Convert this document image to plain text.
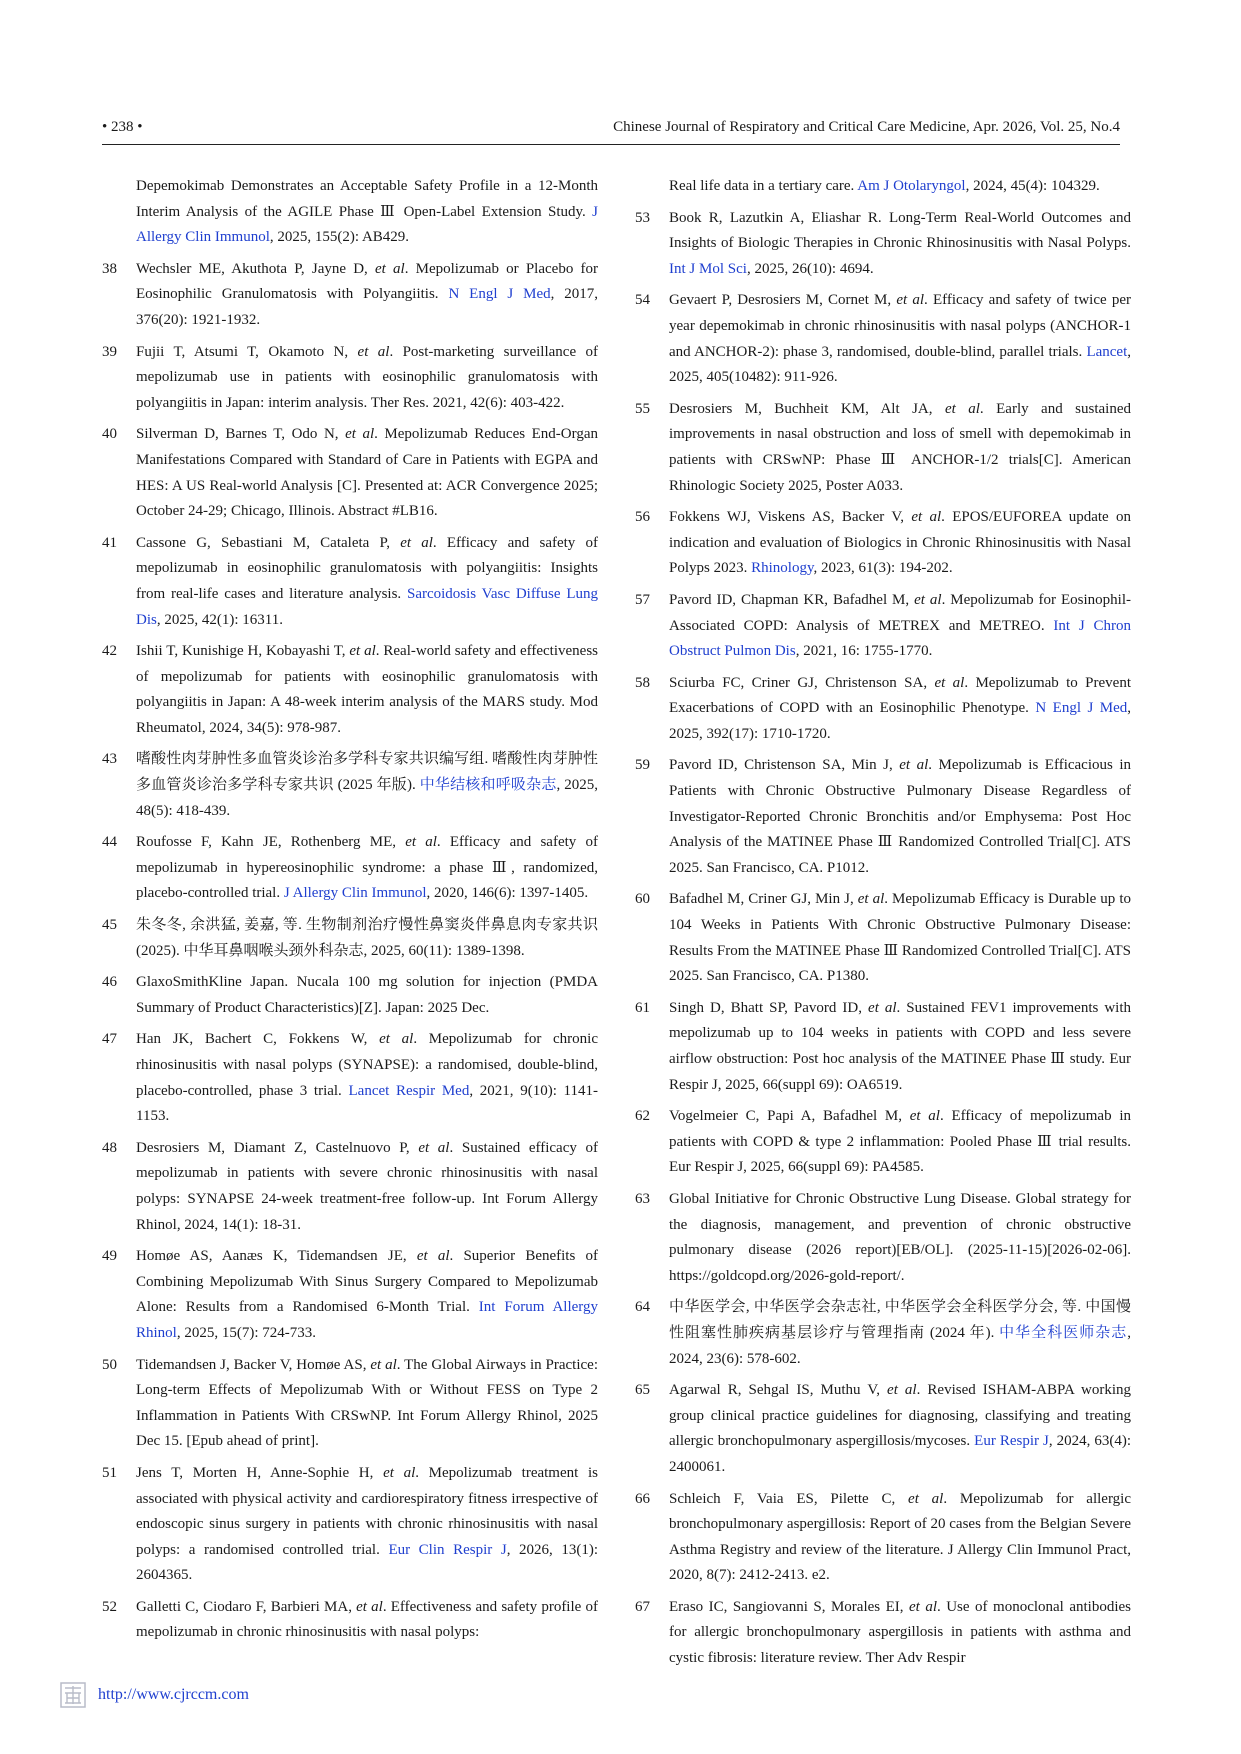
• 238 •	Chinese Journal of Respiratory and Critical Care Medicine, Apr. 2026, Vol. 25, No.4
Depemokimab Demonstrates an Acceptable Safety Profile in a 12-Month Interim Analysis of the AGILE Phase Ⅲ Open-Label Extension Study. J Allergy Clin Immunol, 2025, 155(2): AB429.
38	Wechsler ME, Akuthota P, Jayne D, et al. Mepolizumab or Placebo for Eosinophilic Granulomatosis with Polyangiitis. N Engl J Med, 2017, 376(20): 1921-1932.
39	Fujii T, Atsumi T, Okamoto N, et al. Post-marketing surveillance of mepolizumab use in patients with eosinophilic granulomatosis with polyangiitis in Japan: interim analysis. Ther Res. 2021, 42(6): 403-422.
40	Silverman D, Barnes T, Odo N, et al. Mepolizumab Reduces End-Organ Manifestations Compared with Standard of Care in Patients with EGPA and HES: A US Real-world Analysis [C]. Presented at: ACR Convergence 2025; October 24-29; Chicago, Illinois. Abstract #LB16.
41	Cassone G, Sebastiani M, Cataleta P, et al. Efficacy and safety of mepolizumab in eosinophilic granulomatosis with polyangiitis: Insights from real-life cases and literature analysis. Sarcoidosis Vasc Diffuse Lung Dis, 2025, 42(1): 16311.
42	Ishii T, Kunishige H, Kobayashi T, et al. Real-world safety and effectiveness of mepolizumab for patients with eosinophilic granulomatosis with polyangiitis in Japan: A 48-week interim analysis of the MARS study. Mod Rheumatol, 2024, 34(5): 978-987.
43	嗜酸性肉芽肿性多血管炎诊治多学科专家共识编写组. 嗜酸性肉芽肿性多血管炎诊治多学科专家共识 (2025 年版). 中华结核和呼吸杂志, 2025, 48(5): 418-439.
44	Roufosse F, Kahn JE, Rothenberg ME, et al. Efficacy and safety of mepolizumab in hypereosinophilic syndrome: a phase Ⅲ, randomized, placebo-controlled trial. J Allergy Clin Immunol, 2020, 146(6): 1397-1405.
45	朱冬冬, 余洪猛, 姜嘉, 等. 生物制剂治疗慢性鼻窦炎伴鼻息肉专家共识 (2025). 中华耳鼻咽喉头颈外科杂志, 2025, 60(11): 1389-1398.
46	GlaxoSmithKline Japan. Nucala 100 mg solution for injection (PMDA Summary of Product Characteristics)[Z]. Japan: 2025 Dec.
47	Han JK, Bachert C, Fokkens W, et al. Mepolizumab for chronic rhinosinusitis with nasal polyps (SYNAPSE): a randomised, double-blind, placebo-controlled, phase 3 trial. Lancet Respir Med, 2021, 9(10): 1141-1153.
48	Desrosiers M, Diamant Z, Castelnuovo P, et al. Sustained efficacy of mepolizumab in patients with severe chronic rhinosinusitis with nasal polyps: SYNAPSE 24-week treatment-free follow-up. Int Forum Allergy Rhinol, 2024, 14(1): 18-31.
49	Homøe AS, Aanæs K, Tidemandsen JE, et al. Superior Benefits of Combining Mepolizumab With Sinus Surgery Compared to Mepolizumab Alone: Results from a Randomised 6-Month Trial. Int Forum Allergy Rhinol, 2025, 15(7): 724-733.
50	Tidemandsen J, Backer V, Homøe AS, et al. The Global Airways in Practice: Long-term Effects of Mepolizumab With or Without FESS on Type 2 Inflammation in Patients With CRSwNP. Int Forum Allergy Rhinol, 2025 Dec 15. [Epub ahead of print].
51	Jens T, Morten H, Anne-Sophie H, et al. Mepolizumab treatment is associated with physical activity and cardiorespiratory fitness irrespective of endoscopic sinus surgery in patients with chronic rhinosinusitis with nasal polyps: a randomised controlled trial. Eur Clin Respir J, 2026, 13(1): 2604365.
52	Galletti C, Ciodaro F, Barbieri MA, et al. Effectiveness and safety profile of mepolizumab in chronic rhinosinusitis with nasal polyps:
Real life data in a tertiary care. Am J Otolaryngol, 2024, 45(4): 104329.
53	Book R, Lazutkin A, Eliashar R. Long-Term Real-World Outcomes and Insights of Biologic Therapies in Chronic Rhinosinusitis with Nasal Polyps. Int J Mol Sci, 2025, 26(10): 4694.
54	Gevaert P, Desrosiers M, Cornet M, et al. Efficacy and safety of twice per year depemokimab in chronic rhinosinusitis with nasal polyps (ANCHOR-1 and ANCHOR-2): phase 3, randomised, double-blind, parallel trials. Lancet, 2025, 405(10482): 911-926.
55	Desrosiers M, Buchheit KM, Alt JA, et al. Early and sustained improvements in nasal obstruction and loss of smell with depemokimab in patients with CRSwNP: Phase Ⅲ ANCHOR-1/2 trials[C]. American Rhinologic Society 2025, Poster A033.
56	Fokkens WJ, Viskens AS, Backer V, et al. EPOS/EUFOREA update on indication and evaluation of Biologics in Chronic Rhinosinusitis with Nasal Polyps 2023. Rhinology, 2023, 61(3): 194-202.
57	Pavord ID, Chapman KR, Bafadhel M, et al. Mepolizumab for Eosinophil-Associated COPD: Analysis of METREX and METREO. Int J Chron Obstruct Pulmon Dis, 2021, 16: 1755-1770.
58	Sciurba FC, Criner GJ, Christenson SA, et al. Mepolizumab to Prevent Exacerbations of COPD with an Eosinophilic Phenotype. N Engl J Med, 2025, 392(17): 1710-1720.
59	Pavord ID, Christenson SA, Min J, et al. Mepolizumab is Efficacious in Patients with Chronic Obstructive Pulmonary Disease Regardless of Investigator-Reported Chronic Bronchitis and/or Emphysema: Post Hoc Analysis of the MATINEE Phase Ⅲ Randomized Controlled Trial[C]. ATS 2025. San Francisco, CA. P1012.
60	Bafadhel M, Criner GJ, Min J, et al. Mepolizumab Efficacy is Durable up to 104 Weeks in Patients With Chronic Obstructive Pulmonary Disease: Results From the MATINEE Phase Ⅲ Randomized Controlled Trial[C]. ATS 2025. San Francisco, CA. P1380.
61	Singh D, Bhatt SP, Pavord ID, et al. Sustained FEV1 improvements with mepolizumab up to 104 weeks in patients with COPD and less severe airflow obstruction: Post hoc analysis of the MATINEE Phase Ⅲ study. Eur Respir J, 2025, 66(suppl 69): OA6519.
62	Vogelmeier C, Papi A, Bafadhel M, et al. Efficacy of mepolizumab in patients with COPD & type 2 inflammation: Pooled Phase Ⅲ trial results. Eur Respir J, 2025, 66(suppl 69): PA4585.
63	Global Initiative for Chronic Obstructive Lung Disease. Global strategy for the diagnosis, management, and prevention of chronic obstructive pulmonary disease (2026 report)[EB/OL]. (2025-11-15)[2026-02-06]. https://goldcopd.org/2026-gold-report/.
64	中华医学会, 中华医学会杂志社, 中华医学会全科医学分会, 等. 中国慢性阻塞性肺疾病基层诊疗与管理指南 (2024 年). 中华全科医师杂志, 2024, 23(6): 578-602.
65	Agarwal R, Sehgal IS, Muthu V, et al. Revised ISHAM-ABPA working group clinical practice guidelines for diagnosing, classifying and treating allergic bronchopulmonary aspergillosis/mycoses. Eur Respir J, 2024, 63(4): 2400061.
66	Schleich F, Vaia ES, Pilette C, et al. Mepolizumab for allergic bronchopulmonary aspergillosis: Report of 20 cases from the Belgian Severe Asthma Registry and review of the literature. J Allergy Clin Immunol Pract, 2020, 8(7): 2412-2413. e2.
67	Eraso IC, Sangiovanni S, Morales EI, et al. Use of monoclonal antibodies for allergic bronchopulmonary aspergillosis in patients with asthma and cystic fibrosis: literature review. Ther Adv Respir
http://www.cjrccm.com
